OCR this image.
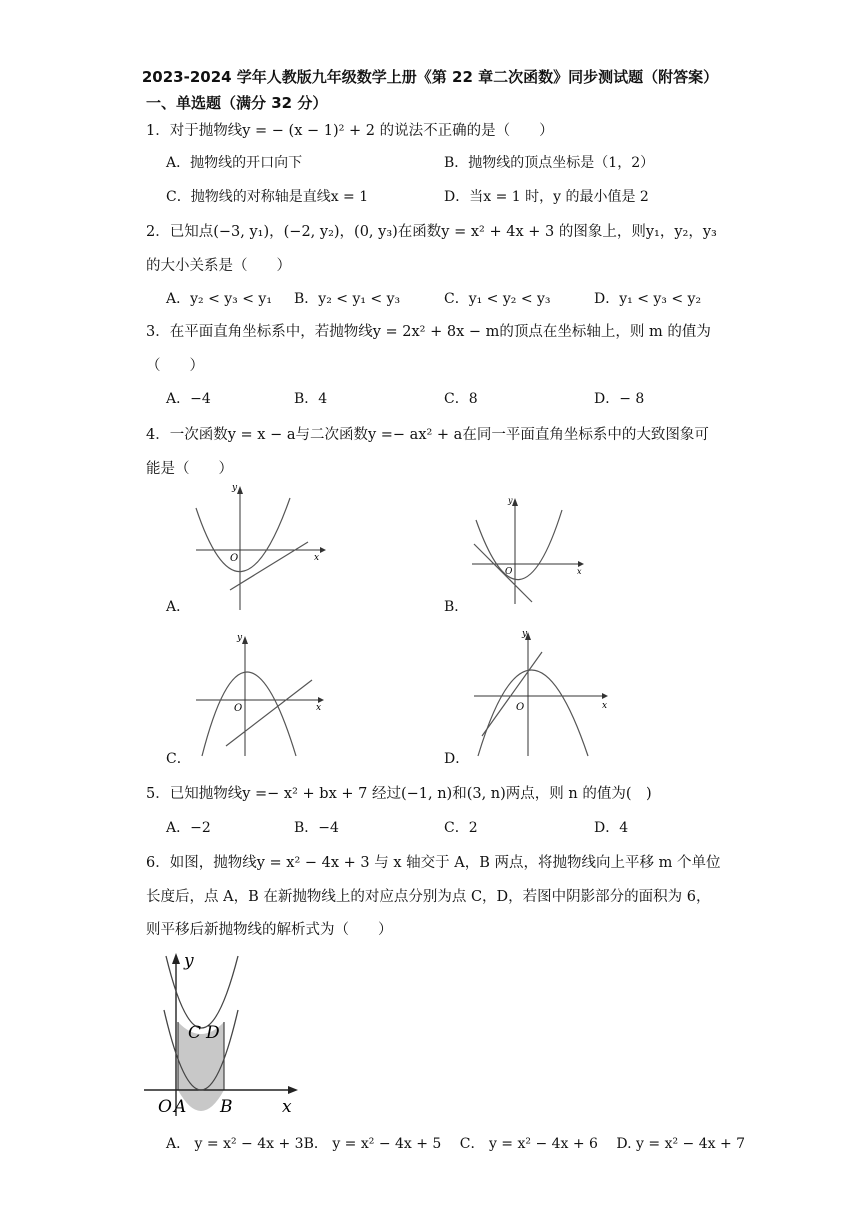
2023-2024 学年人教版九年级数学上册《第 22 章二次函数》同步测试题（附答案）
一、单选题（满分 32 分）
1．对于抛物线y = − (x − 1)² + 2 的说法不正确的是（　　）
A．抛物线的开口向下	B．抛物线的顶点坐标是（1，2）
C．抛物线的对称轴是直线x = 1	D．当x = 1 时，y 的最小值是 2
2．已知点(−3, y₁)，(−2, y₂)，(0, y₃)在函数y = x² + 4x + 3 的图象上，则y₁，y₂，y₃
的大小关系是（　　）
A．y₂ < y₃ < y₁ B．y₂ < y₁ < y₃	C．y₁ < y₂ < y₃	D．y₁ < y₃ < y₂
3．在平面直角坐标系中，若抛物线y = 2x² + 8x − m的顶点在坐标轴上，则 m 的值为
（　　）
A．−4	B．4	C．8	D．− 8
4．一次函数y = x − a与二次函数y =− ax² + a在同一平面直角坐标系中的大致图象可
能是（　　）
x
y
O
A．
x
y
O
B．
x
y
O
C．
x
y
O
D．
5．已知抛物线y =− x² + bx + 7 经过(−1, n)和(3, n)两点，则 n 的值为(　)
A．−2	B．−4	C．2	D．4
6．如图，抛物线y = x² − 4x + 3 与 x 轴交于 A，B 两点，将抛物线向上平移 m 个单位
长度后，点 A，B 在新抛物线上的对应点分别为点 C，D，若图中阴影部分的面积为 6，
则平移后新抛物线的解析式为（　　）
y
x
O A B
C D
A． y = x² − 4x + 3B． y = x² − 4x + 5　 C． y = x² − 4x + 6　 D. y = x² − 4x + 7
